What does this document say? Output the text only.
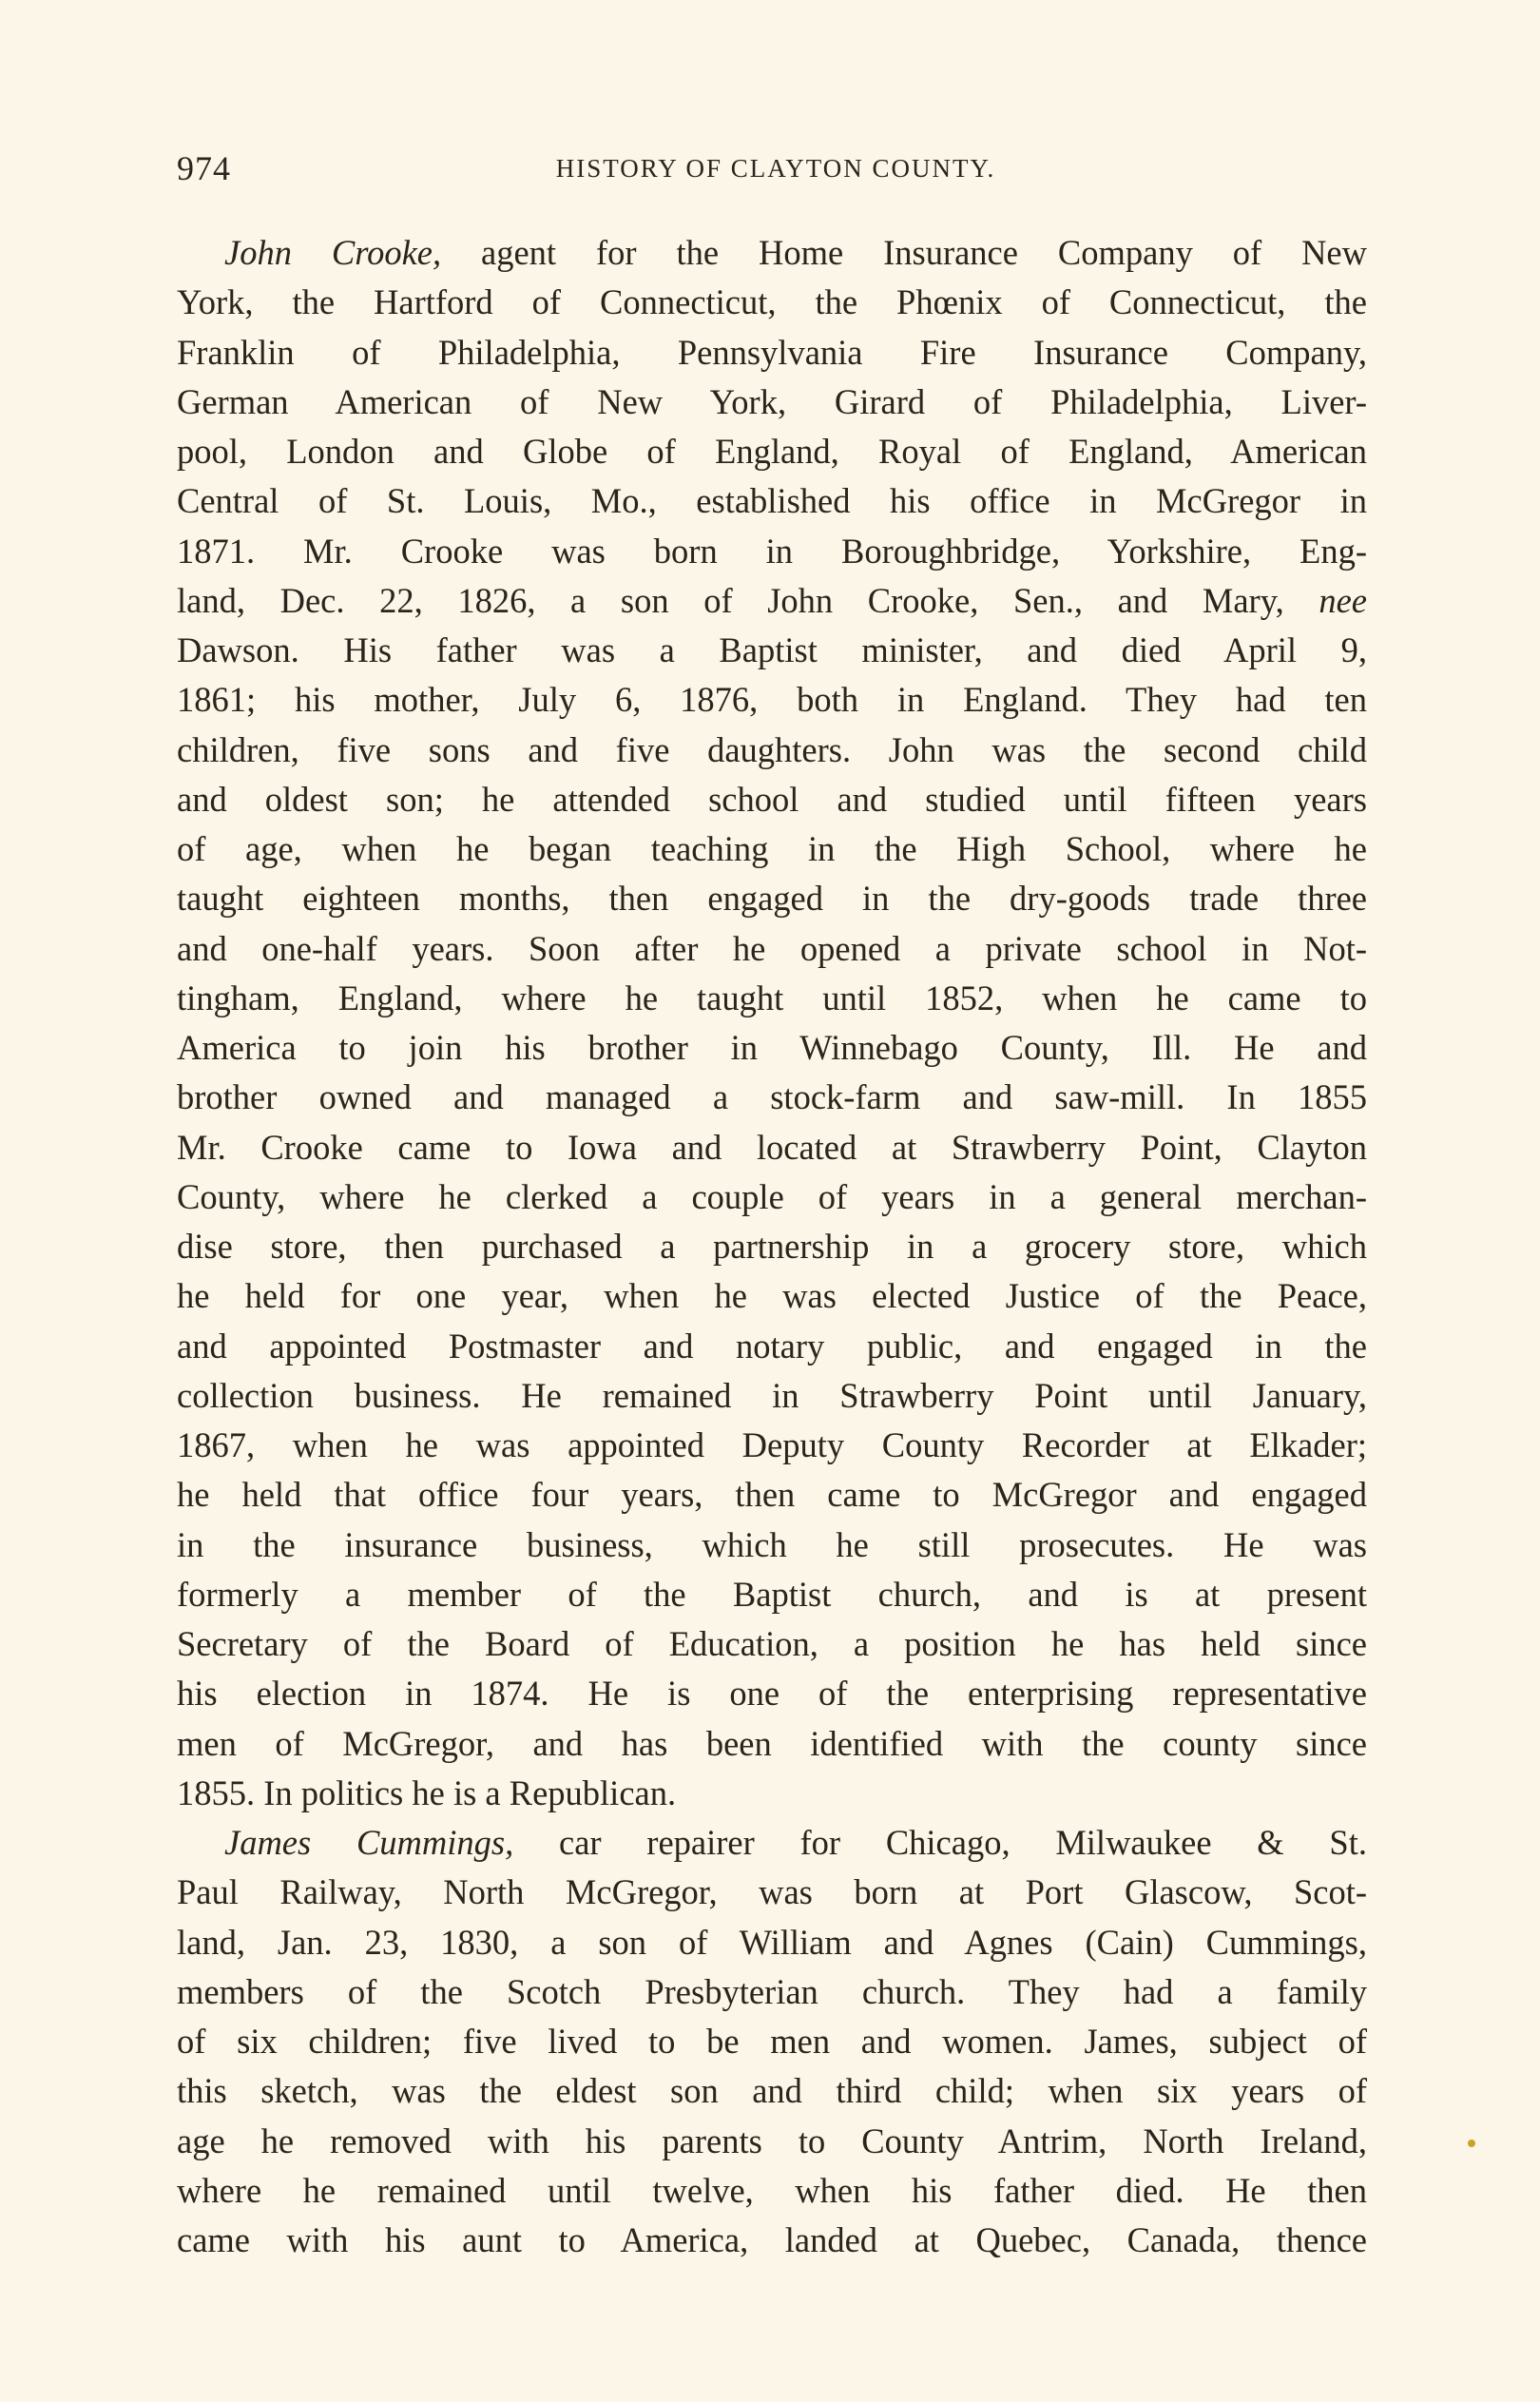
974	HISTORY OF CLAYTON COUNTY.
John Crooke, agent for the Home Insurance Company of New
York, the Hartford of Connecticut, the Phœnix of Connecticut, the
Franklin of Philadelphia, Pennsylvania Fire Insurance Company,
German American of New York, Girard of Philadelphia, Liver-
pool, London and Globe of England, Royal of England, American
Central of St. Louis, Mo., established his office in McGregor in
1871. Mr. Crooke was born in Boroughbridge, Yorkshire, Eng-
land, Dec. 22, 1826, a son of John Crooke, Sen., and Mary, nee
Dawson. His father was a Baptist minister, and died April 9,
1861; his mother, July 6, 1876, both in England. They had ten
children, five sons and five daughters. John was the second child
and oldest son; he attended school and studied until fifteen years
of age, when he began teaching in the High School, where he
taught eighteen months, then engaged in the dry-goods trade three
and one-half years. Soon after he opened a private school in Not-
tingham, England, where he taught until 1852, when he came to
America to join his brother in Winnebago County, Ill. He and
brother owned and managed a stock-farm and saw-mill. In 1855
Mr. Crooke came to Iowa and located at Strawberry Point, Clayton
County, where he clerked a couple of years in a general merchan-
dise store, then purchased a partnership in a grocery store, which
he held for one year, when he was elected Justice of the Peace,
and appointed Postmaster and notary public, and engaged in the
collection business. He remained in Strawberry Point until January,
1867, when he was appointed Deputy County Recorder at Elkader;
he held that office four years, then came to McGregor and engaged
in the insurance business, which he still prosecutes. He was
formerly a member of the Baptist church, and is at present
Secretary of the Board of Education, a position he has held since
his election in 1874. He is one of the enterprising representative
men of McGregor, and has been identified with the county since
1855. In politics he is a Republican.
James Cummings, car repairer for Chicago, Milwaukee & St.
Paul Railway, North McGregor, was born at Port Glascow, Scot-
land, Jan. 23, 1830, a son of William and Agnes (Cain) Cummings,
members of the Scotch Presbyterian church. They had a family
of six children; five lived to be men and women. James, subject of
this sketch, was the eldest son and third child; when six years of
age he removed with his parents to County Antrim, North Ireland,
where he remained until twelve, when his father died. He then
came with his aunt to America, landed at Quebec, Canada, thence
